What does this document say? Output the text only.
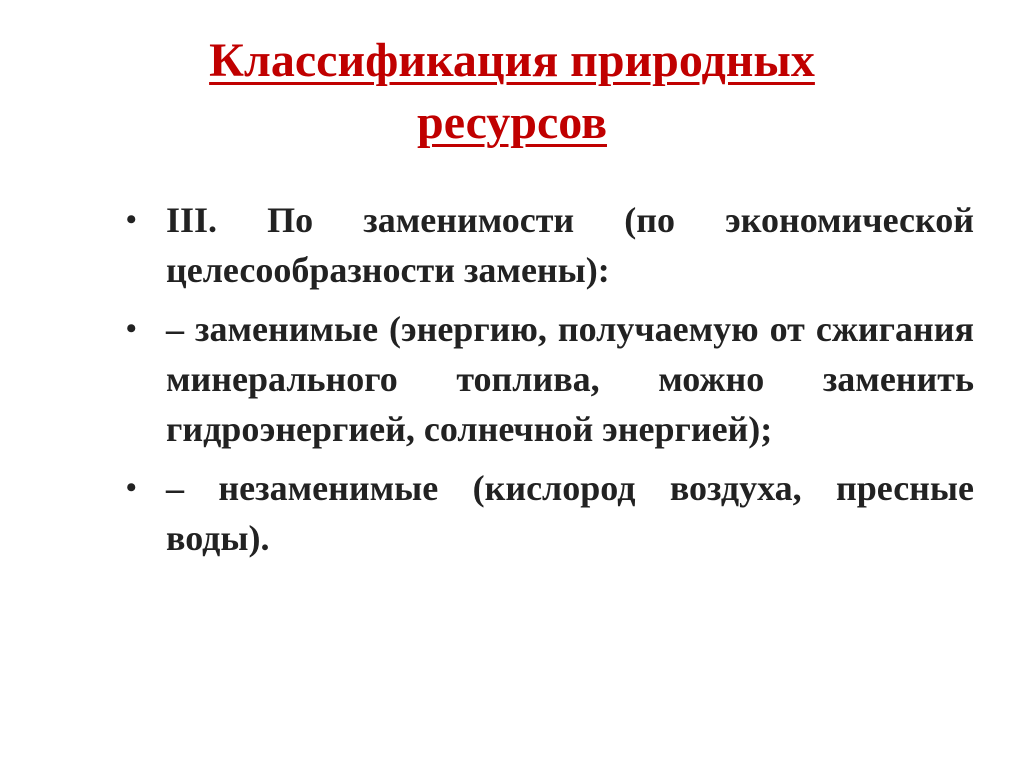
Классификация природных
ресурсов
• III. По заменимости (по экономической целесообразности замены):
• – заменимые (энергию, получаемую от сжигания минерального топлива, можно заменить гидроэнергией, солнечной энергией);
• – незаменимые (кислород воздуха, пресные воды).
